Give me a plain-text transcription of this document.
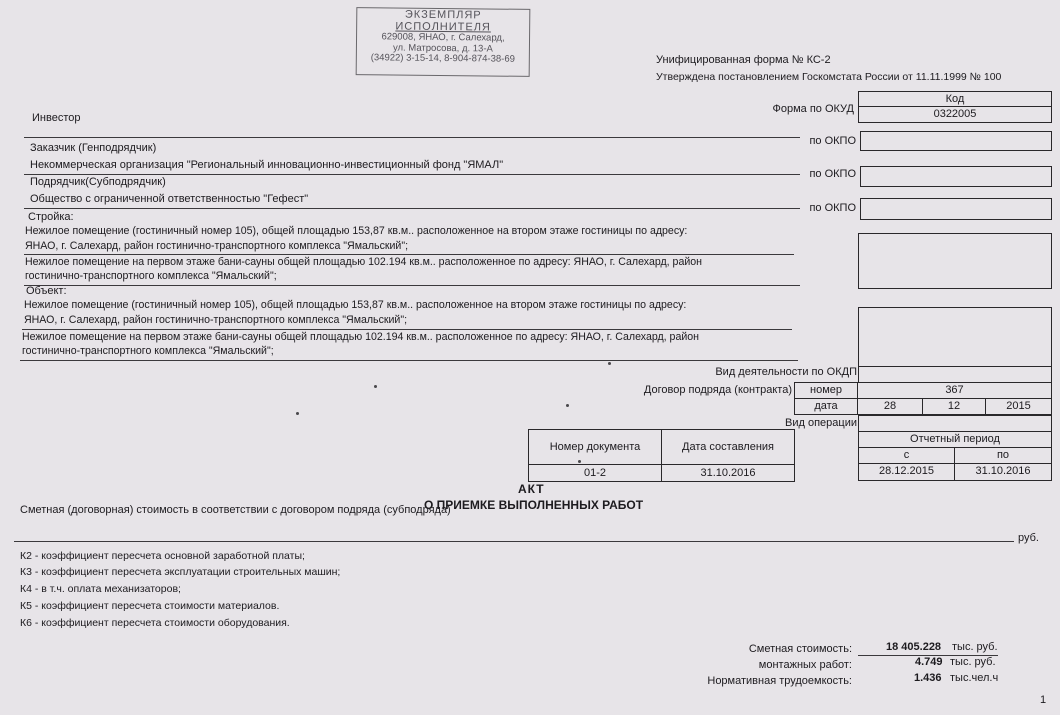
ЭКЗЕМПЛЯР
ИСПОЛНИТЕЛЯ
629008, ЯНАО, г. Салехард,
ул. Матросова, д. 13-А
(34922) 3-15-14, 8-904-874-38-69	Унифицированная форма № КС-2
Утверждена постановлением Госкомстата России от 11.11.1999 № 100
Код
0322005
Форма по ОКУД
Инвестор
по ОКПО
Заказчик (Генподрядчик)
Некоммерческая организация "Региональный инновационно-инвестиционный фонд "ЯМАЛ"
по ОКПО
Подрядчик(Субподрядчик)
Общество с ограниченной ответственностью "Гефест"
по ОКПО
Стройка:
Нежилое помещение (гостиничный номер 105), общей площадью 153,87 кв.м.. расположенное на втором этаже гостиницы по адресу:
ЯНАО, г. Салехард, район гостинично-транспортного комплекса "Ямальский";
Нежилое помещение на первом этаже бани-сауны общей площадью 102.194 кв.м.. расположенное по адресу: ЯНАО, г. Салехард, район
гостинично-транспортного комплекса "Ямальский";
Объект:
Нежилое помещение (гостиничный номер 105), общей площадью 153,87 кв.м.. расположенное на втором этаже гостиницы по адресу:
ЯНАО, г. Салехард, район гостинично-транспортного комплекса "Ямальский";
Нежилое помещение на первом этаже бани-сауны общей площадью 102.194 кв.м.. расположенное по адресу: ЯНАО, г. Салехард, район
гостинично-транспортного комплекса "Ямальский";
Вид деятельности по ОКДП
Договор подряда (контракта)	номер	367
дата	28	12	2015
Вид операции
Номер документа	Дата составления
01-2	31.10.2016
Отчетный период
с	по
28.12.2015	31.10.2016
АКТ
О ПРИЕМКЕ ВЫПОЛНЕННЫХ РАБОТ
Сметная (договорная) стоимость в соответствии с договором подряда (субподряда)
руб.
К2 - коэффициент пересчета основной заработной платы;
К3 - коэффициент пересчета эксплуатации строительных машин;
К4 - в т.ч. оплата механизаторов;
К5 - коэффициент пересчета стоимости материалов.
К6 - коэффициент пересчета стоимости оборудования.
Сметная стоимость:	18 405.228 тыс. руб.
монтажных работ:	4.749 тыс. руб.
Нормативная трудоемкость:	1.436 тыс.чел.ч
1
